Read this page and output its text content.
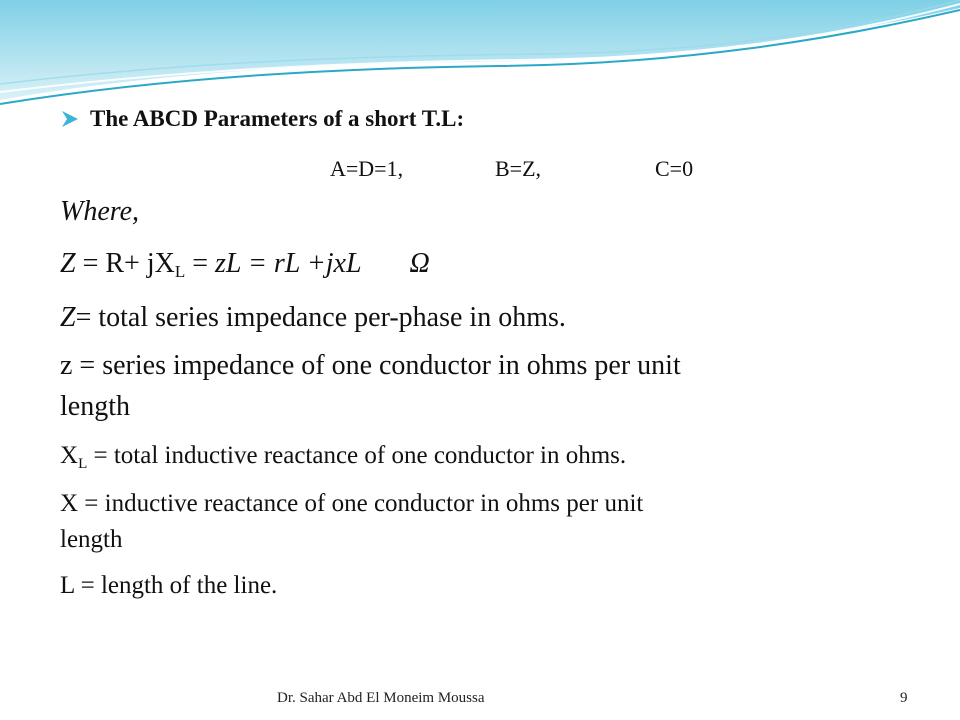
The ABCD Parameters of a short T.L:
A=D=1,	B=Z,	C=0
Where,
$Z = R+ jX_L$ = zL = rL +jxL Ω
Z= total series impedance per-phase in ohms.
z = series impedance of one conductor in ohms per unit
length
$X_L$ = total inductive reactance of one conductor in ohms.
X = inductive reactance of one conductor in ohms per unit
length
L = length of the line.
Dr. Sahar Abd El Moneim Moussa	9
